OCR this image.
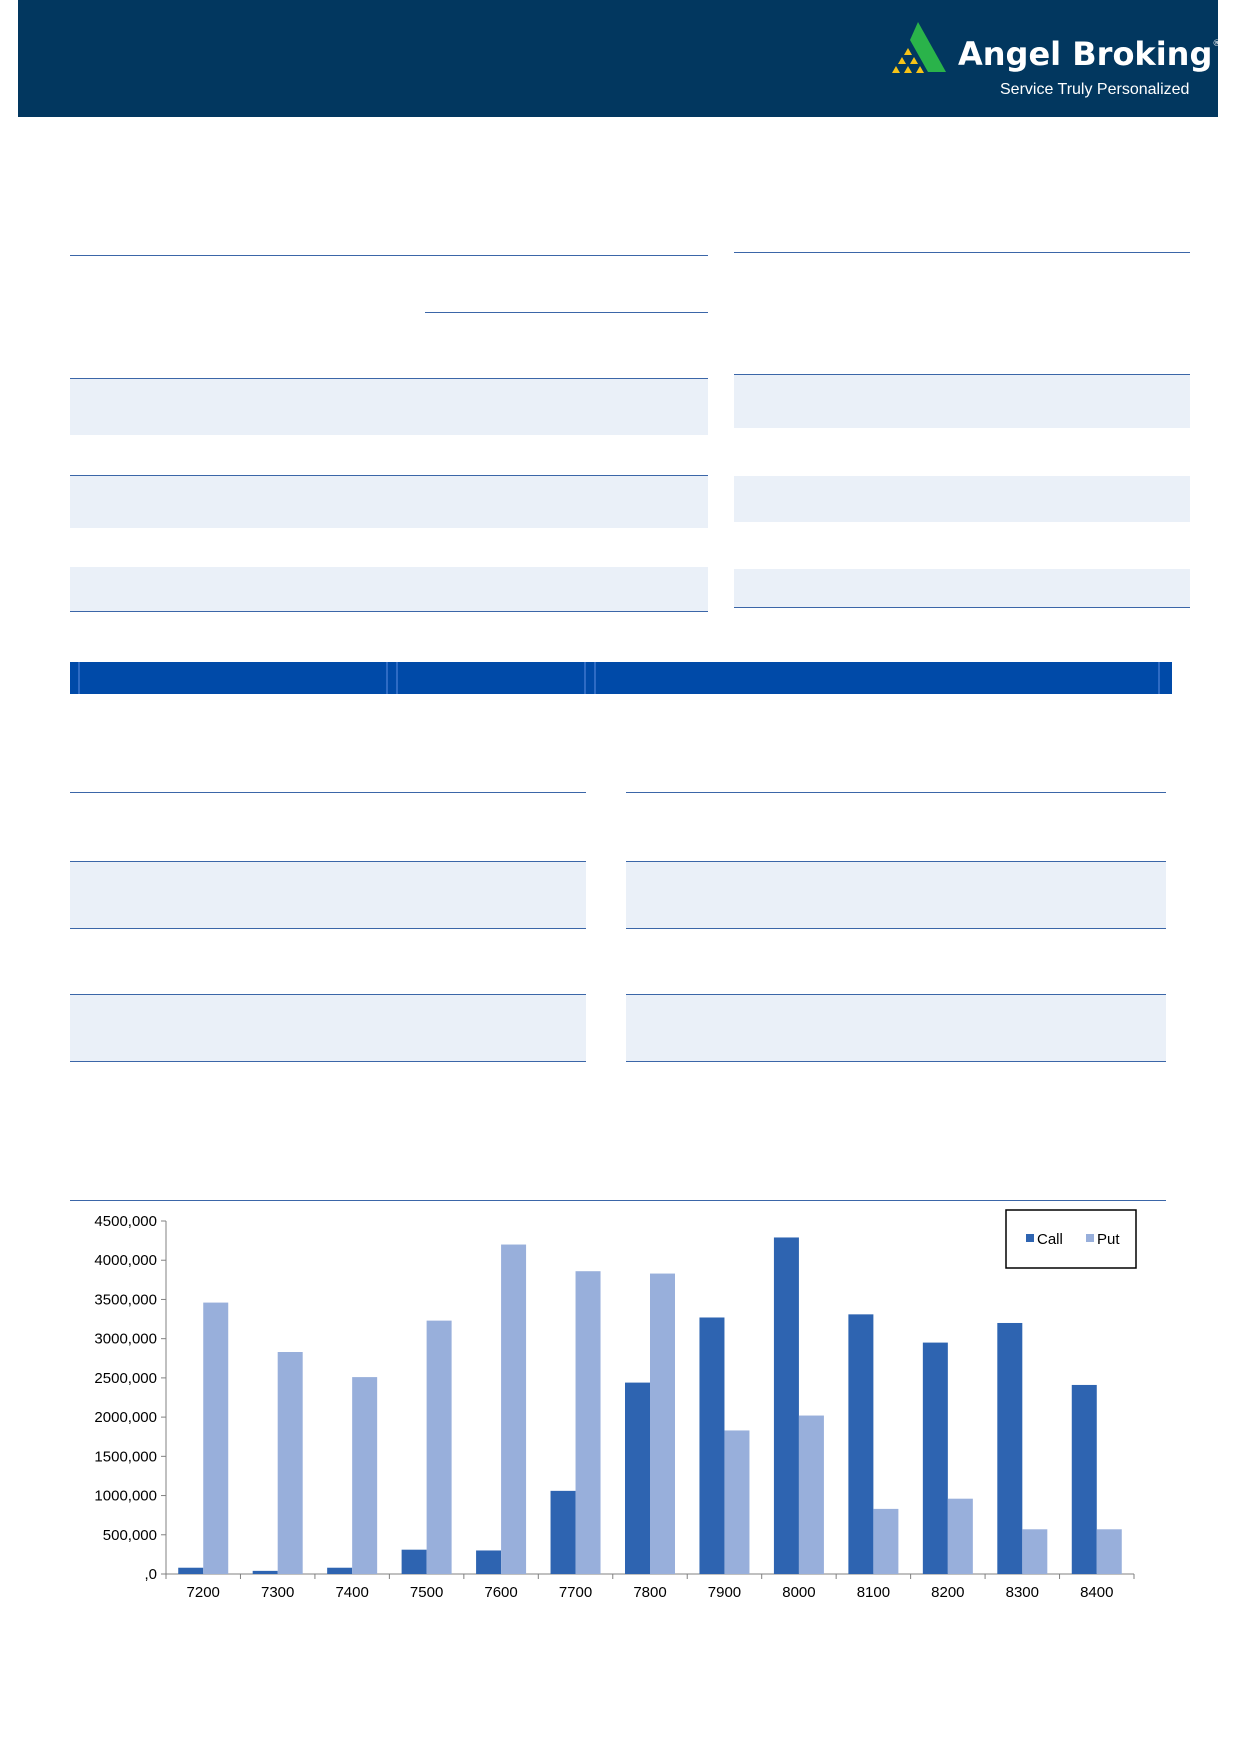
Angel Broking®
Service Truly Personalized
,0
500,000
1000,000
1500,000
2000,000
2500,000
3000,000
3500,000
4000,000
4500,000
7200	7300	7400	7500	7600	7700	7800	7900	8000	8100	8200	8300	8400
Call Put
